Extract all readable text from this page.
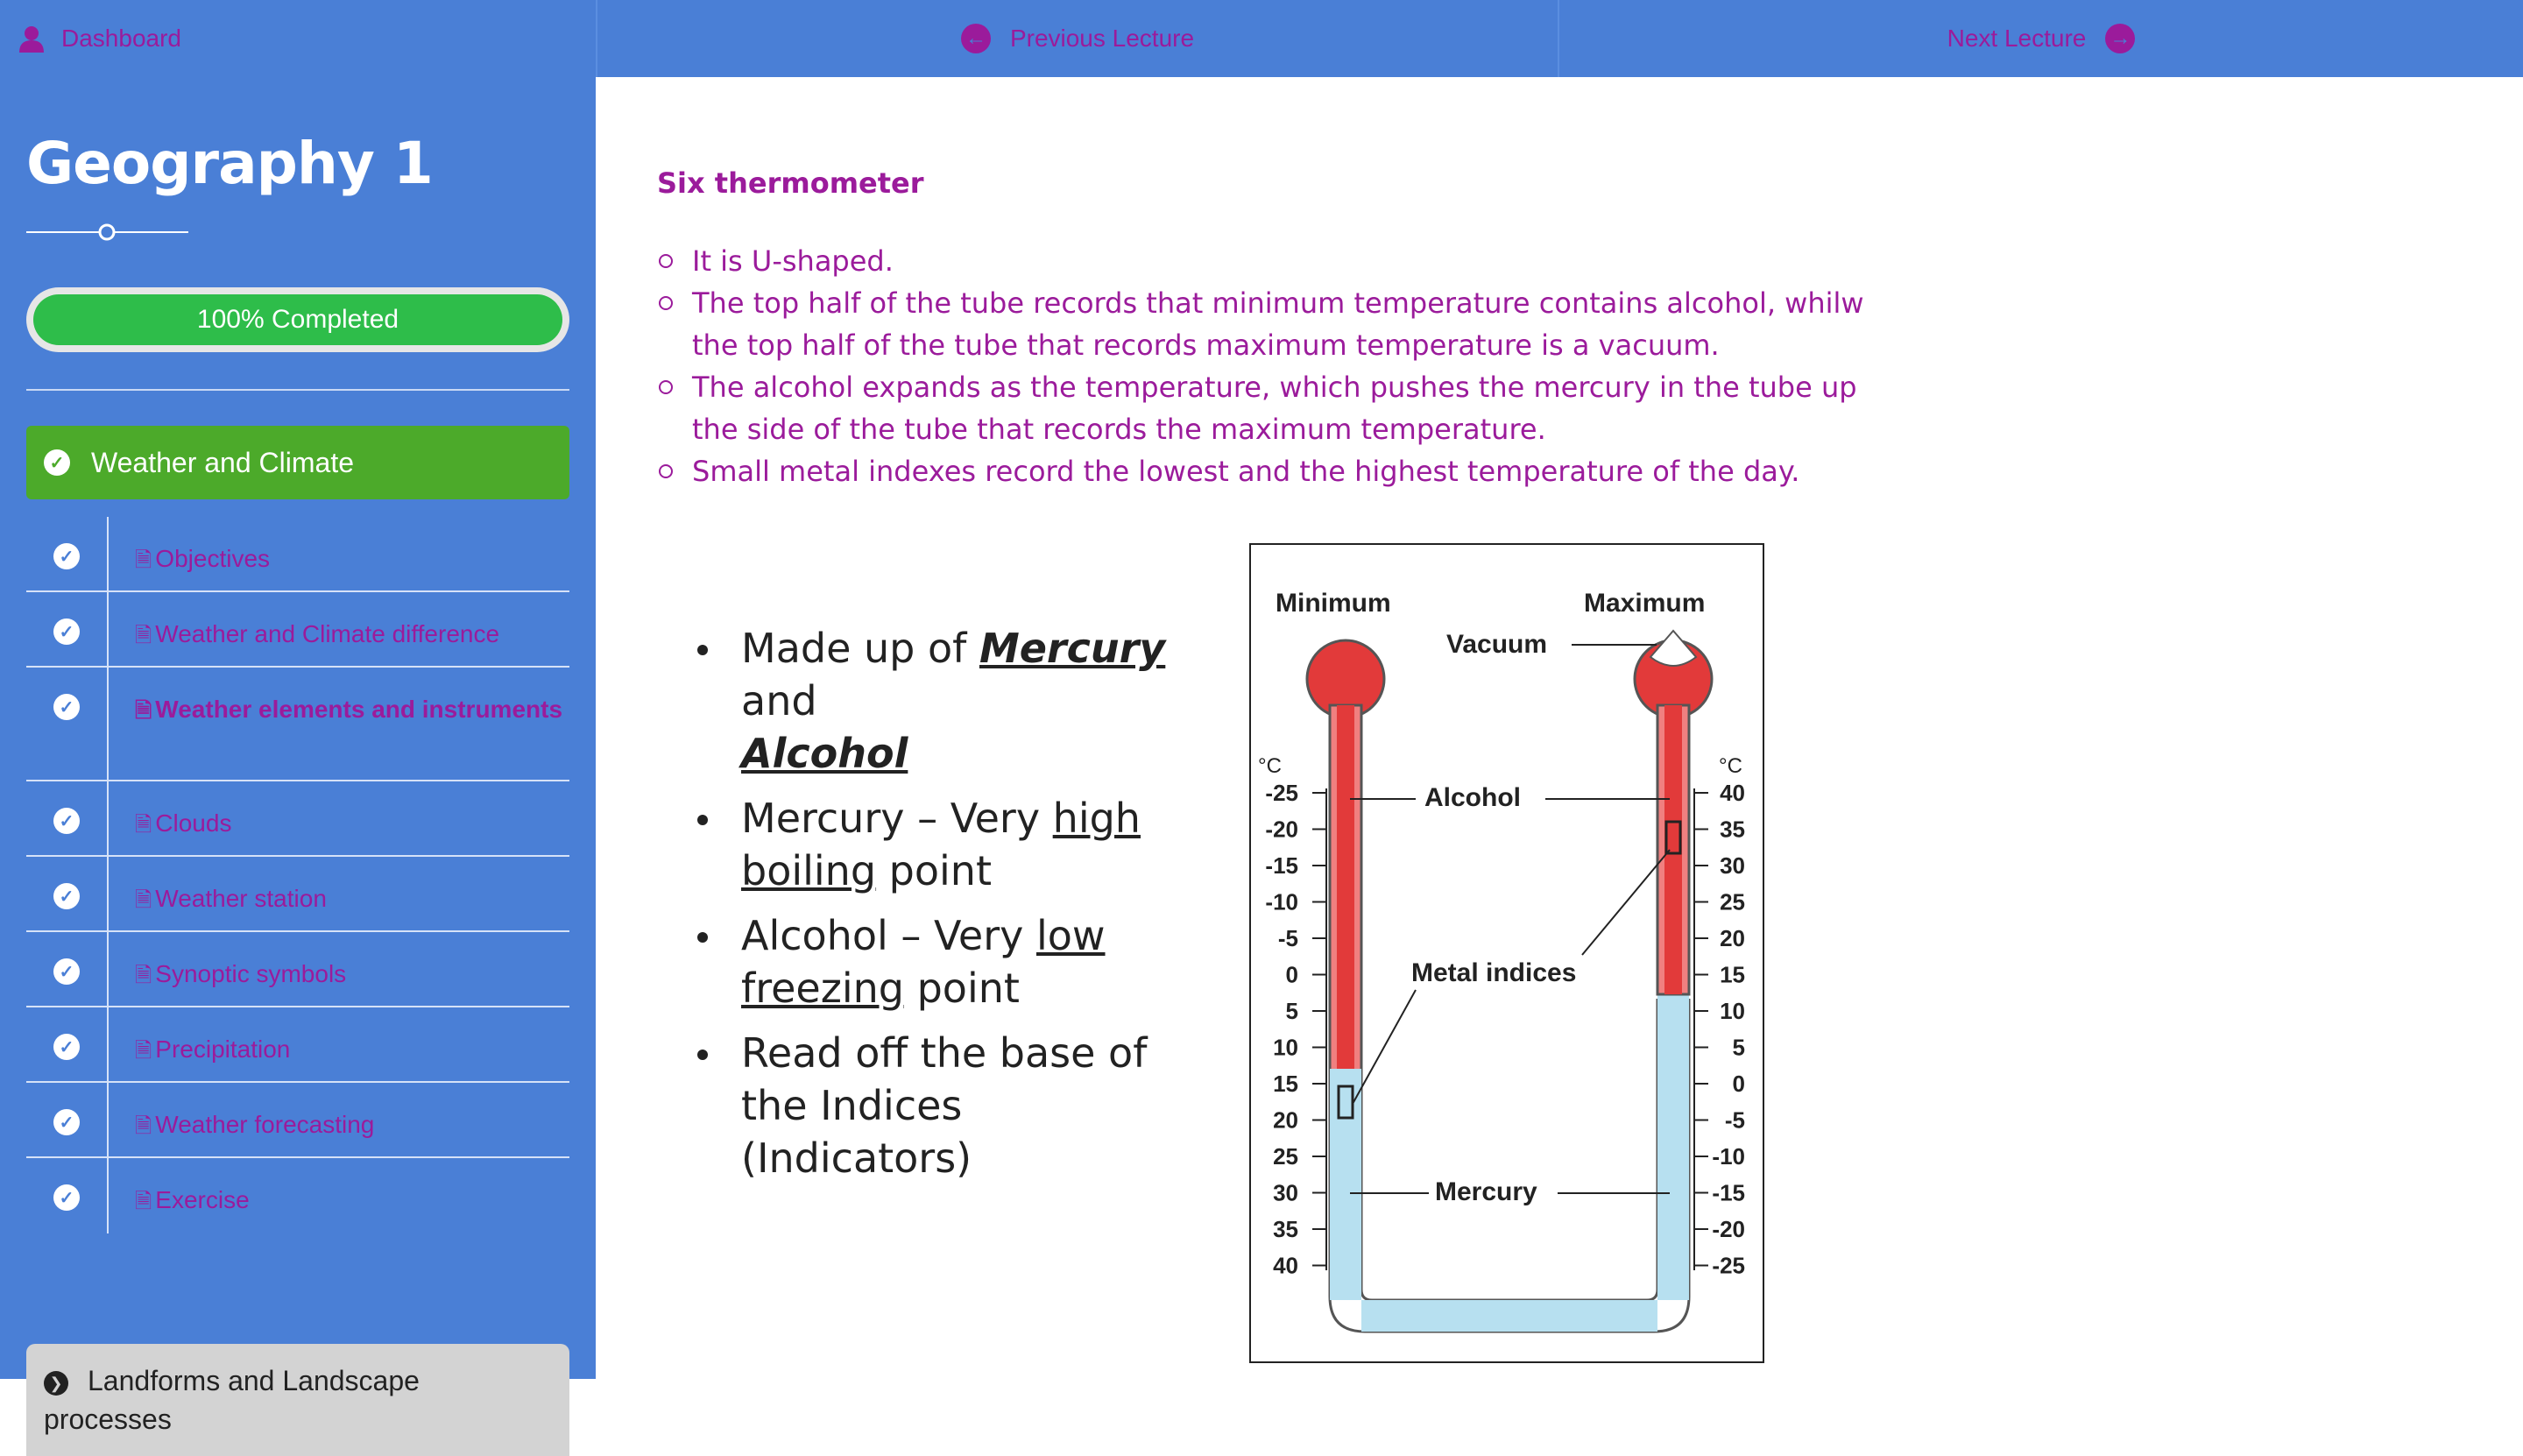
Dashboard	← Previous Lecture	Next Lecture →
Geography 1
100% Completed
✓ Weather and Climate
✓	🗎 Objectives
✓	🗎 Weather and Climate difference
✓	🗎 Weather elements and instruments
✓	🗎 Clouds
✓	🗎 Weather station
✓	🗎 Synoptic symbols
✓	🗎 Precipitation
✓	🗎 Weather forecasting
✓	🗎 Exercise
❯ Landforms and Landscape processes
Six thermometer
It is U-shaped.
The top half of the tube records that minimum temperature contains alcohol, whilw the top half of the tube that records maximum temperature is a vacuum.
The alcohol expands as the temperature, which pushes the mercury in the tube up the side of the tube that records the maximum temperature.
Small metal indexes record the lowest and the highest temperature of the day.
Made up of Mercury and
Alcohol
Mercury – Very high
boiling point
Alcohol – Very low
freezing point
Read off the base of the Indices (Indicators)
Minimum	Maximum
Vacuum
Alcohol
Metal indices
Mercury
°C	°C
-25
-20
-15
-10
-5
0
5
10
15
20
25
30
35
40
40
35
30
25
20
15
10
5
0
-5
-10
-15
-20
-25
